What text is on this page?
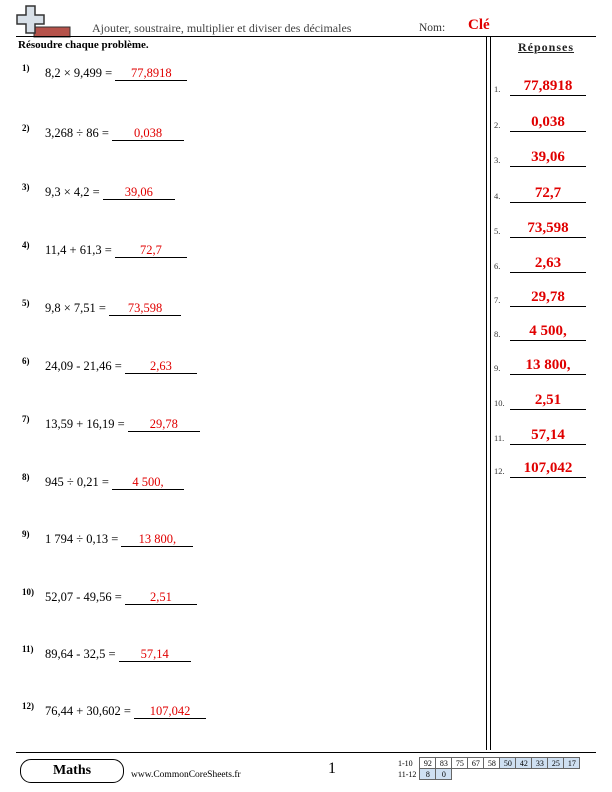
Ajouter, soustraire, multiplier et diviser des décimales	Nom: Clé
Résoudre chaque problème.
1) 8,2 × 9,499 = 77,8918
2) 3,268 ÷ 86 = 0,038
3) 9,3 × 4,2 = 39,06
4) 11,4 + 61,3 = 72,7
5) 9,8 × 7,51 = 73,598
6) 24,09 - 21,46 = 2,63
7) 13,59 + 16,19 = 29,78
8) 945 ÷ 0,21 = 4 500,
9) 1 794 ÷ 0,13 = 13 800,
10) 52,07 - 49,56 = 2,51
11) 89,64 - 32,5 = 57,14
12) 76,44 + 30,602 = 107,042
Réponses
1.	77,8918
2.	0,038
3.	39,06
4.	72,7
5.	73,598
6.	2,63
7.	29,78
8.	4 500,
9.	13 800,
10.	2,51
11.	57,14
12.	107,042
Maths	www.CommonCoreSheets.fr	1	1-10	92	83	75	67	58	50	42	33	25	17
11-12	8	0								
